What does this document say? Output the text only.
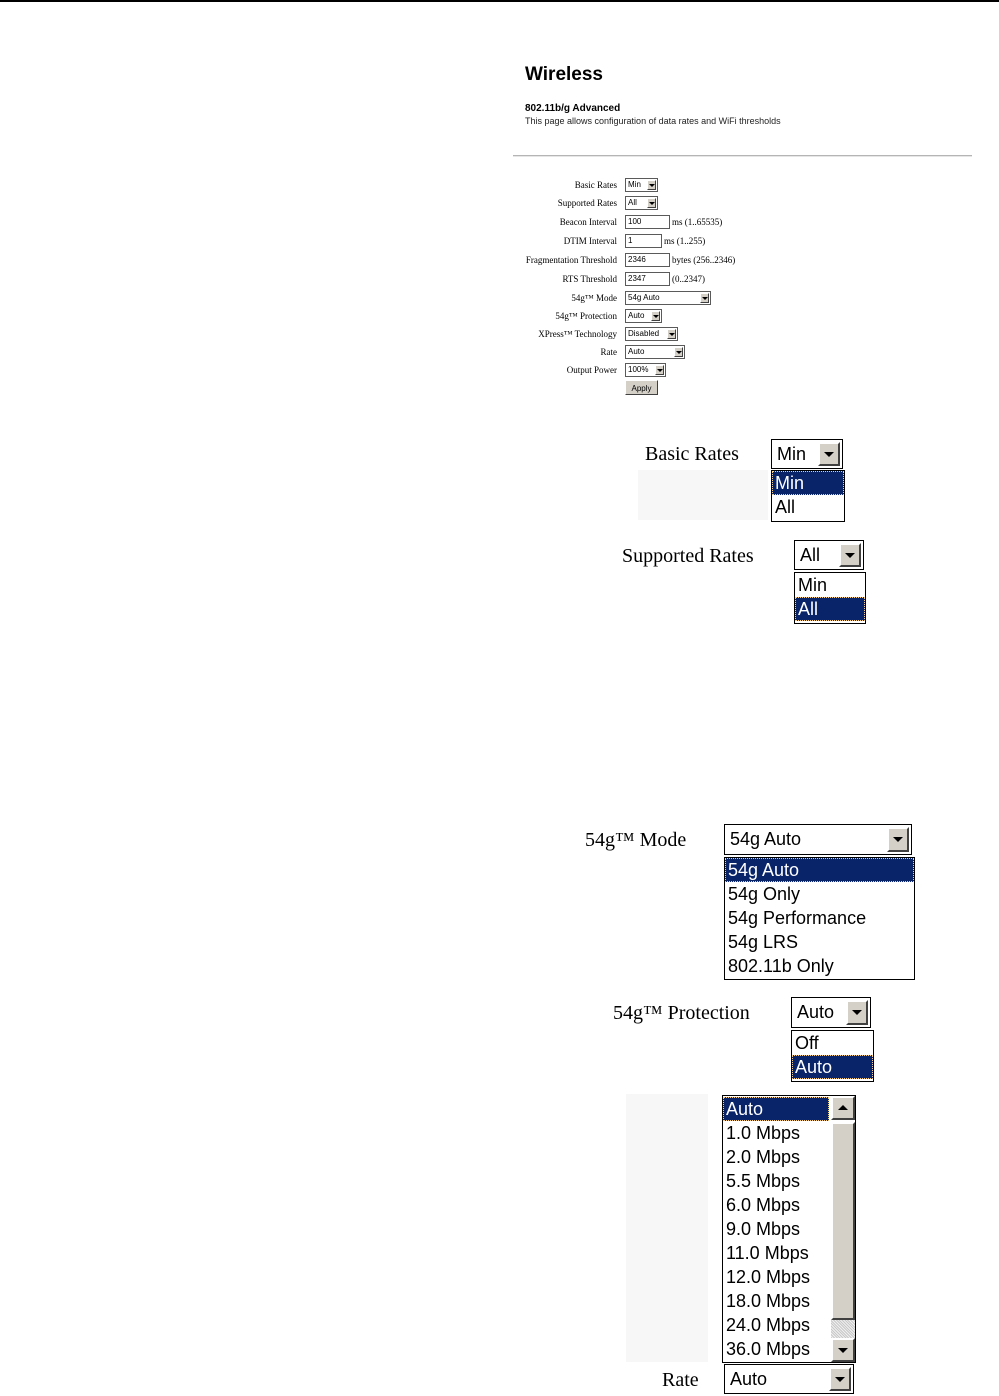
Wireless
802.11b/g Advanced
This page allows configuration of data rates and WiFi thresholds
Basic Rates Min
Supported Rates All
Beacon Interval	100	ms (1..65535)
DTIM Interval	1	ms (1..255)
Fragmentation Threshold	2346	bytes (256..2346)
RTS Threshold	2347	(0..2347)
54g™ Mode 54g Auto
54g™ Protection Auto
XPress™ Technology Disabled
Rate Auto
Output Power 100%
Apply
Basic Rates Min
Min
All
Supported Rates	All
Min
All
54g™ Mode 54g Auto
54g Auto
54g Only
54g Performance
54g LRS
802.11b Only
54g™ Protection	Auto
Off
Auto
Auto
1.0 Mbps
2.0 Mbps
5.5 Mbps
6.0 Mbps
9.0 Mbps
11.0 Mbps
12.0 Mbps
18.0 Mbps
24.0 Mbps
36.0 Mbps
Rate Auto
